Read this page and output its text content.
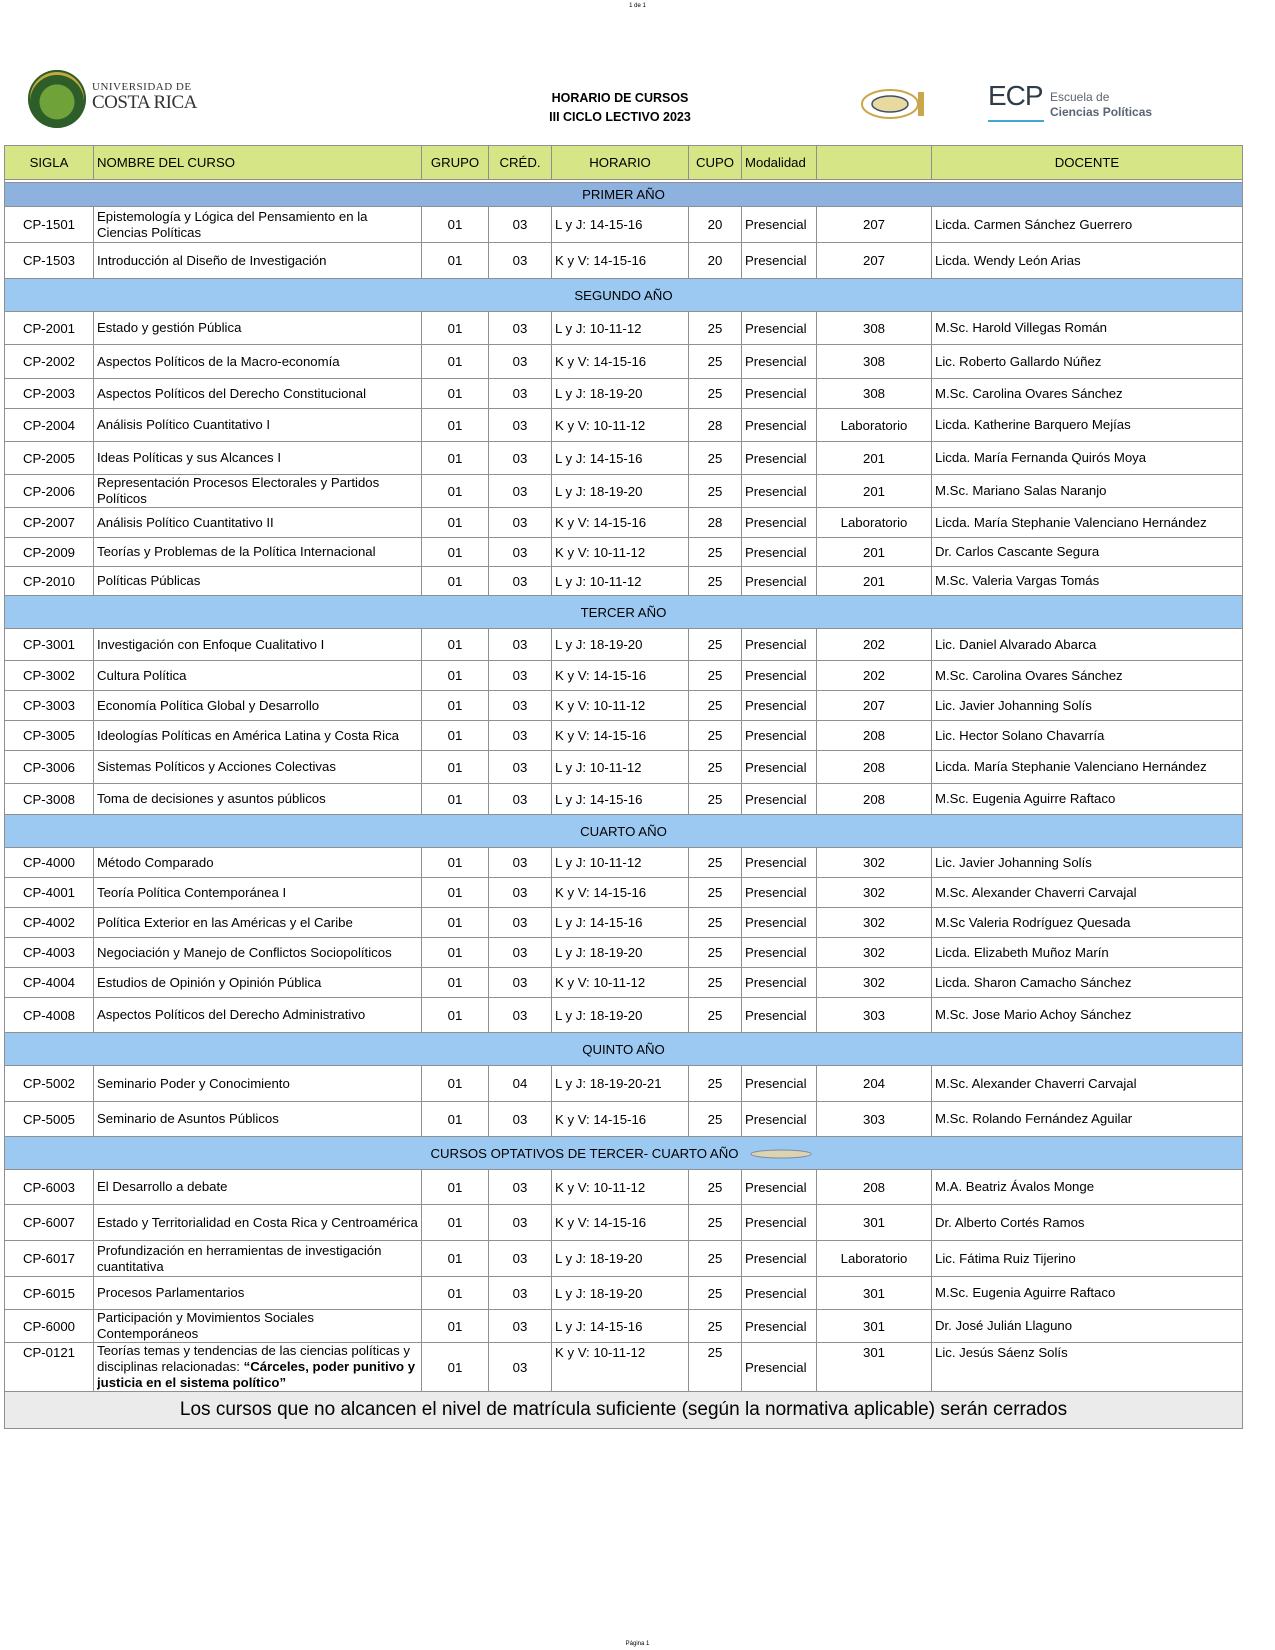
1 de 1
UNIVERSIDAD DE
COSTA RICA	HORARIO DE CURSOS
III CICLO LECTIVO 2023
ECP Escuela de
Ciencias Políticas
SIGLA	NOMBRE DEL CURSO	GRUPO	CRÉD.	HORARIO	CUPO	Modalidad		DOCENTE

PRIMER AÑO								
CP-1501	Epistemología y Lógica del Pensamiento en la Ciencias Políticas	01	03	L y J: 14-15-16	20	Presencial	207	Licda. Carmen Sánchez Guerrero

CP-1503	Introducción al Diseño de Investigación	01	03	K y V: 14-15-16	20	Presencial	207	Licda. Wendy León Arias

SEGUNDO AÑO								
CP-2001	Estado y gestión Pública	01	03	L y J: 10-11-12	25	Presencial	308	M.Sc. Harold Villegas Román

CP-2002	Aspectos Políticos de la Macro-economía	01	03	K y V: 14-15-16	25	Presencial	308	Lic. Roberto Gallardo Núñez

CP-2003	Aspectos Políticos del Derecho Constitucional	01	03	L y J: 18-19-20	25	Presencial	308	M.Sc. Carolina Ovares Sánchez

CP-2004	Análisis Político Cuantitativo I	01	03	K y V: 10-11-12	28	Presencial	Laboratorio	Licda. Katherine Barquero Mejías

CP-2005	Ideas Políticas y sus Alcances I	01	03	L y J: 14-15-16	25	Presencial	201	Licda. María Fernanda Quirós Moya

CP-2006	Representación Procesos Electorales y Partidos Políticos	01	03	L y J: 18-19-20	25	Presencial	201	M.Sc. Mariano Salas Naranjo

CP-2007	Análisis Político Cuantitativo II	01	03	K y V: 14-15-16	28	Presencial	Laboratorio	Licda. María Stephanie Valenciano Hernández

CP-2009	Teorías y Problemas de la Política Internacional	01	03	K y V: 10-11-12	25	Presencial	201	Dr. Carlos Cascante Segura

CP-2010	Políticas Públicas	01	03	L y J: 10-11-12	25	Presencial	201	M.Sc. Valeria Vargas Tomás

TERCER AÑO								
CP-3001	Investigación con Enfoque Cualitativo I	01	03	L y J: 18-19-20	25	Presencial	202	Lic. Daniel Alvarado Abarca

CP-3002	Cultura Política	01	03	K y V: 14-15-16	25	Presencial	202	M.Sc. Carolina Ovares Sánchez

CP-3003	Economía Política Global y Desarrollo	01	03	K y V: 10-11-12	25	Presencial	207	Lic. Javier Johanning Solís

CP-3005	Ideologías Políticas en América Latina y Costa Rica	01	03	K y V: 14-15-16	25	Presencial	208	Lic. Hector Solano Chavarría

CP-3006	Sistemas Políticos y Acciones Colectivas	01	03	L y J: 10-11-12	25	Presencial	208	Licda. María Stephanie Valenciano Hernández

CP-3008	Toma de decisiones y asuntos públicos	01	03	L y J: 14-15-16	25	Presencial	208	M.Sc. Eugenia Aguirre Raftaco

CUARTO AÑO								
CP-4000	Método Comparado	01	03	L y J: 10-11-12	25	Presencial	302	Lic. Javier Johanning Solís

CP-4001	Teoría Política Contemporánea I	01	03	K y V: 14-15-16	25	Presencial	302	M.Sc. Alexander Chaverri Carvajal

CP-4002	Política Exterior en las Américas y el Caribe	01	03	L y J: 14-15-16	25	Presencial	302	M.Sc Valeria Rodríguez Quesada

CP-4003	Negociación y Manejo de Conflictos Sociopolíticos	01	03	L y J: 18-19-20	25	Presencial	302	Licda. Elizabeth Muñoz Marín

CP-4004	Estudios de Opinión y Opinión Pública	01	03	K y V: 10-11-12	25	Presencial	302	Licda. Sharon Camacho Sánchez

CP-4008	Aspectos Políticos del Derecho Administrativo	01	03	L y J: 18-19-20	25	Presencial	303	M.Sc. Jose Mario Achoy Sánchez

QUINTO AÑO								
CP-5002	Seminario Poder y Conocimiento	01	04	L y J: 18-19-20-21	25	Presencial	204	M.Sc. Alexander Chaverri Carvajal

CP-5005	Seminario de Asuntos Públicos	01	03	K y V: 14-15-16	25	Presencial	303	M.Sc. Rolando Fernández Aguilar

CURSOS OPTATIVOS DE TERCER- CUARTO AÑO								
CP-6003	El Desarrollo a debate	01	03	K y V: 10-11-12	25	Presencial	208	M.A. Beatriz Ávalos Monge

CP-6007	Estado y Territorialidad en Costa Rica y Centroamérica	01	03	K y V: 14-15-16	25	Presencial	301	Dr. Alberto Cortés Ramos

CP-6017	Profundización en herramientas de investigación cuantitativa	01	03	L y J: 18-19-20	25	Presencial	Laboratorio	Lic. Fátima Ruiz Tijerino

CP-6015	Procesos Parlamentarios	01	03	L y J: 18-19-20	25	Presencial	301	M.Sc. Eugenia Aguirre Raftaco

CP-6000	Participación y Movimientos Sociales Contemporáneos	01	03	L y J: 14-15-16	25	Presencial	301	Dr. José Julián Llaguno

CP-0121	Teorías temas y tendencias de las ciencias políticas y disciplinas relacionadas: “Cárceles, poder punitivo y justicia en el sistema político”	01	03	K y V: 10-11-12	25	Presencial	301	Lic. Jesús Sáenz Solís

Los cursos que no alcancen el nivel de matrícula suficiente (según la normativa aplicable) serán cerrados								
Página 1
